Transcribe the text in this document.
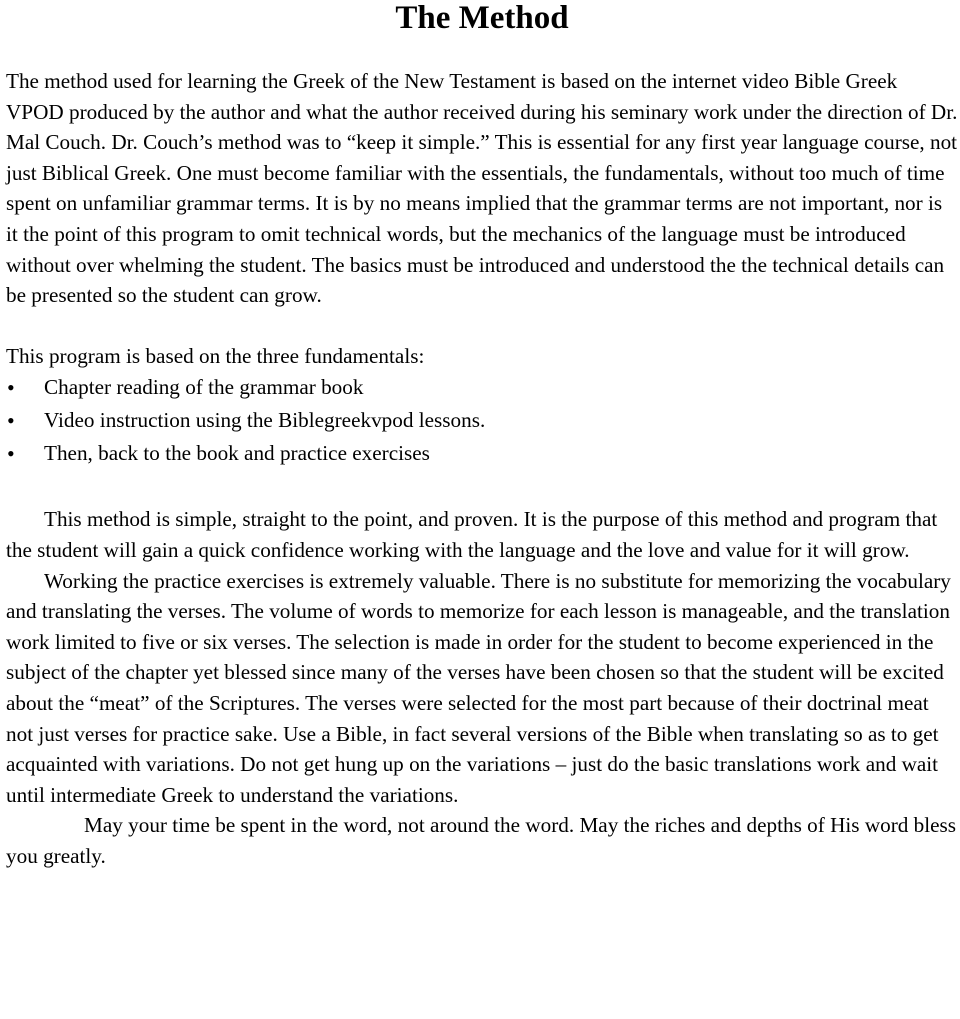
The Method

The method used for learning the Greek of the New Testament is based on the internet video Bible Greek VPOD produced by the author and what the author received during his seminary work under the direction of Dr. Mal Couch. Dr. Couch’s method was to “keep it simple.” This is essential for any first year language course, not just Biblical Greek. One must become familiar with the essentials, the fundamentals, without too much of time spent on unfamiliar grammar terms. It is by no means implied that the grammar terms are not important, nor is it the point of this program to omit technical words, but the mechanics of the language must be introduced without over whelming the student. The basics must be introduced and understood the the technical details can be presented so the student can grow.

This program is based on the three fundamentals:

•	Chapter reading of the grammar book
•	Video instruction using the Biblegreekvpod lessons.
•	Then, back to the book and practice exercises

This method is simple, straight to the point, and proven. It is the purpose of this method and program that the student will gain a quick confidence working with the language and the love and value for it will grow.

Working the practice exercises is extremely valuable. There is no substitute for memorizing the vocabulary and translating the verses. The volume of words to memorize for each lesson is manageable, and the translation work limited to five or six verses. The selection is made in order for the student to become experienced in the subject of the chapter yet blessed since many of the verses have been chosen so that the student will be excited about the “meat” of the Scriptures. The verses were selected for the most part because of their doctrinal meat not just verses for practice sake. Use a Bible, in fact several versions of the Bible when translating so as to get acquainted with variations. Do not get hung up on the variations – just do the basic translations work and wait until intermediate Greek to understand the variations.

May your time be spent in the word, not around the word. May the riches and depths of His word bless you greatly.
